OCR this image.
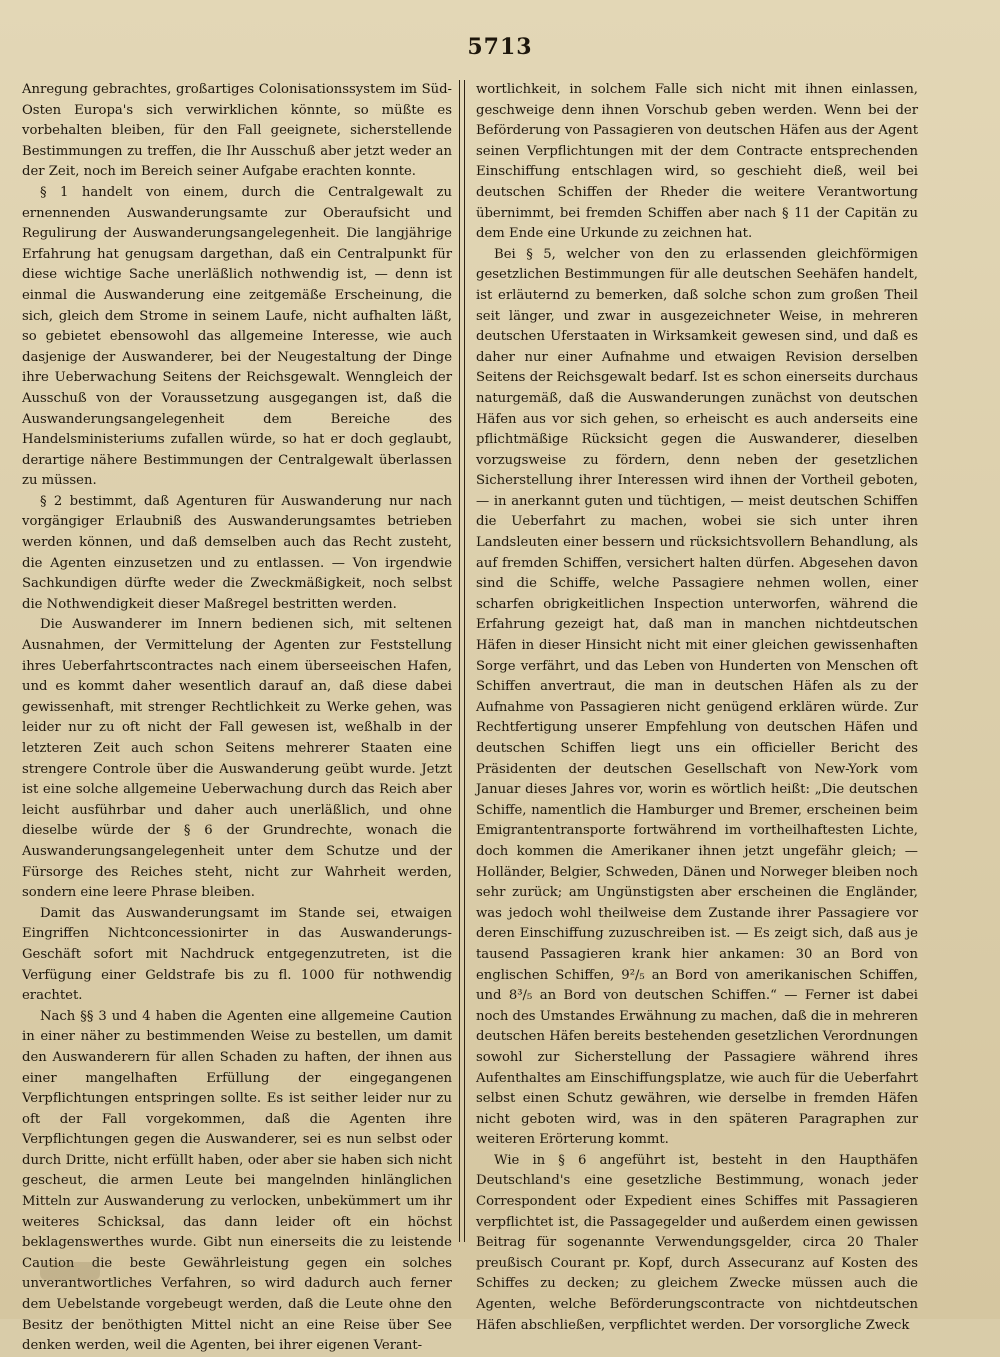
5713

Anregung gebrachtes, großartiges Colonisationssystem im Süd-Osten Europa's sich verwirklichen könnte, so müßte es vorbehalten bleiben, für den Fall geeignete, sicherstellende Bestimmungen zu treffen, die Ihr Ausschuß aber jetzt weder an der Zeit, noch im Bereich seiner Aufgabe erachten konnte.

§ 1 handelt von einem, durch die Centralgewalt zu ernennenden Auswanderungsamte zur Oberaufsicht und Regulirung der Auswanderungsangelegenheit. Die langjährige Erfahrung hat genugsam dargethan, daß ein Centralpunkt für diese wichtige Sache unerläßlich nothwendig ist, — denn ist einmal die Auswanderung eine zeitgemäße Erscheinung, die sich, gleich dem Strome in seinem Laufe, nicht aufhalten läßt, so gebietet ebensowohl das allgemeine Interesse, wie auch dasjenige der Auswanderer, bei der Neugestaltung der Dinge ihre Ueberwachung Seitens der Reichsgewalt. Wenngleich der Ausschuß von der Voraussetzung ausgegangen ist, daß die Auswanderungsangelegenheit dem Bereiche des Handelsministeriums zufallen würde, so hat er doch geglaubt, derartige nähere Bestimmungen der Centralgewalt überlassen zu müssen.

§ 2 bestimmt, daß Agenturen für Auswanderung nur nach vorgängiger Erlaubniß des Auswanderungsamtes betrieben werden können, und daß demselben auch das Recht zusteht, die Agenten einzusetzen und zu entlassen. — Von irgendwie Sachkundigen dürfte weder die Zweckmäßigkeit, noch selbst die Nothwendigkeit dieser Maßregel bestritten werden.

Die Auswanderer im Innern bedienen sich, mit seltenen Ausnahmen, der Vermittelung der Agenten zur Feststellung ihres Ueberfahrtscontractes nach einem überseeischen Hafen, und es kommt daher wesentlich darauf an, daß diese dabei gewissenhaft, mit strenger Rechtlichkeit zu Werke gehen, was leider nur zu oft nicht der Fall gewesen ist, weßhalb in der letzteren Zeit auch schon Seitens mehrerer Staaten eine strengere Controle über die Auswanderung geübt wurde. Jetzt ist eine solche allgemeine Ueberwachung durch das Reich aber leicht ausführbar und daher auch unerläßlich, und ohne dieselbe würde der § 6 der Grundrechte, wonach die Auswanderungsangelegenheit unter dem Schutze und der Fürsorge des Reiches steht, nicht zur Wahrheit werden, sondern eine leere Phrase bleiben.

Damit das Auswanderungsamt im Stande sei, etwaigen Eingriffen Nichtconcessionirter in das Auswanderungs-Geschäft sofort mit Nachdruck entgegenzutreten, ist die Verfügung einer Geldstrafe bis zu fl. 1000 für nothwendig erachtet.

Nach §§ 3 und 4 haben die Agenten eine allgemeine Caution in einer näher zu bestimmenden Weise zu bestellen, um damit den Auswanderern für allen Schaden zu haften, der ihnen aus einer mangelhaften Erfüllung der eingegangenen Verpflichtungen entspringen sollte. Es ist seither leider nur zu oft der Fall vorgekommen, daß die Agenten ihre Verpflichtungen gegen die Auswanderer, sei es nun selbst oder durch Dritte, nicht erfüllt haben, oder aber sie haben sich nicht gescheut, die armen Leute bei mangelnden hinlänglichen Mitteln zur Auswanderung zu verlocken, unbekümmert um ihr weiteres Schicksal, das dann leider oft ein höchst beklagenswerthes wurde. Gibt nun einerseits die zu leistende Caution die beste Gewährleistung gegen ein solches unverantwortliches Verfahren, so wird dadurch auch ferner dem Uebelstande vorgebeugt werden, daß die Leute ohne den Besitz der benöthigten Mittel nicht an eine Reise über See denken werden, weil die Agenten, bei ihrer eigenen Verant-

wortlichkeit, in solchem Falle sich nicht mit ihnen einlassen, geschweige denn ihnen Vorschub geben werden. Wenn bei der Beförderung von Passagieren von deutschen Häfen aus der Agent seinen Verpflichtungen mit der dem Contracte entsprechenden Einschiffung entschlagen wird, so geschieht dieß, weil bei deutschen Schiffen der Rheder die weitere Verantwortung übernimmt, bei fremden Schiffen aber nach § 11 der Capitän zu dem Ende eine Urkunde zu zeichnen hat.

Bei § 5, welcher von den zu erlassenden gleichförmigen gesetzlichen Bestimmungen für alle deutschen Seehäfen handelt, ist erläuternd zu bemerken, daß solche schon zum großen Theil seit länger, und zwar in ausgezeichneter Weise, in mehreren deutschen Uferstaaten in Wirksamkeit gewesen sind, und daß es daher nur einer Aufnahme und etwaigen Revision derselben Seitens der Reichsgewalt bedarf. Ist es schon einerseits durchaus naturgemäß, daß die Auswanderungen zunächst von deutschen Häfen aus vor sich gehen, so erheischt es auch anderseits eine pflichtmäßige Rücksicht gegen die Auswanderer, dieselben vorzugsweise zu fördern, denn neben der gesetzlichen Sicherstellung ihrer Interessen wird ihnen der Vortheil geboten, — in anerkannt guten und tüchtigen, — meist deutschen Schiffen die Ueberfahrt zu machen, wobei sie sich unter ihren Landsleuten einer bessern und rücksichtsvollern Behandlung, als auf fremden Schiffen, versichert halten dürfen. Abgesehen davon sind die Schiffe, welche Passagiere nehmen wollen, einer scharfen obrigkeitlichen Inspection unterworfen, während die Erfahrung gezeigt hat, daß man in manchen nichtdeutschen Häfen in dieser Hinsicht nicht mit einer gleichen gewissenhaften Sorge verfährt, und das Leben von Hunderten von Menschen oft Schiffen anvertraut, die man in deutschen Häfen als zu der Aufnahme von Passagieren nicht genügend erklären würde. Zur Rechtfertigung unserer Empfehlung von deutschen Häfen und deutschen Schiffen liegt uns ein officieller Bericht des Präsidenten der deutschen Gesellschaft von New-York vom Januar dieses Jahres vor, worin es wörtlich heißt: „Die deutschen Schiffe, namentlich die Hamburger und Bremer, erscheinen beim Emigrantentransporte fortwährend im vortheilhaftesten Lichte, doch kommen die Amerikaner ihnen jetzt ungefähr gleich; — Holländer, Belgier, Schweden, Dänen und Norweger bleiben noch sehr zurück; am Ungünstigsten aber erscheinen die Engländer, was jedoch wohl theilweise dem Zustande ihrer Passagiere vor deren Einschiffung zuzuschreiben ist. — Es zeigt sich, daß aus je tausend Passagieren krank hier ankamen: 30 an Bord von englischen Schiffen, 9²/₅ an Bord von amerikanischen Schiffen, und 8³/₅ an Bord von deutschen Schiffen.“ — Ferner ist dabei noch des Umstandes Erwähnung zu machen, daß die in mehreren deutschen Häfen bereits bestehenden gesetzlichen Verordnungen sowohl zur Sicherstellung der Passagiere während ihres Aufenthaltes am Einschiffungsplatze, wie auch für die Ueberfahrt selbst einen Schutz gewähren, wie derselbe in fremden Häfen nicht geboten wird, was in den späteren Paragraphen zur weiteren Erörterung kommt.

Wie in § 6 angeführt ist, besteht in den Haupthäfen Deutschland's eine gesetzliche Bestimmung, wonach jeder Correspondent oder Expedient eines Schiffes mit Passagieren verpflichtet ist, die Passagegelder und außerdem einen gewissen Beitrag für sogenannte Verwendungsgelder, circa 20 Thaler preußisch Courant pr. Kopf, durch Assecuranz auf Kosten des Schiffes zu decken; zu gleichem Zwecke müssen auch die Agenten, welche Beförderungscontracte von nichtdeutschen Häfen abschließen, verpflichtet werden. Der vorsorgliche Zweck
